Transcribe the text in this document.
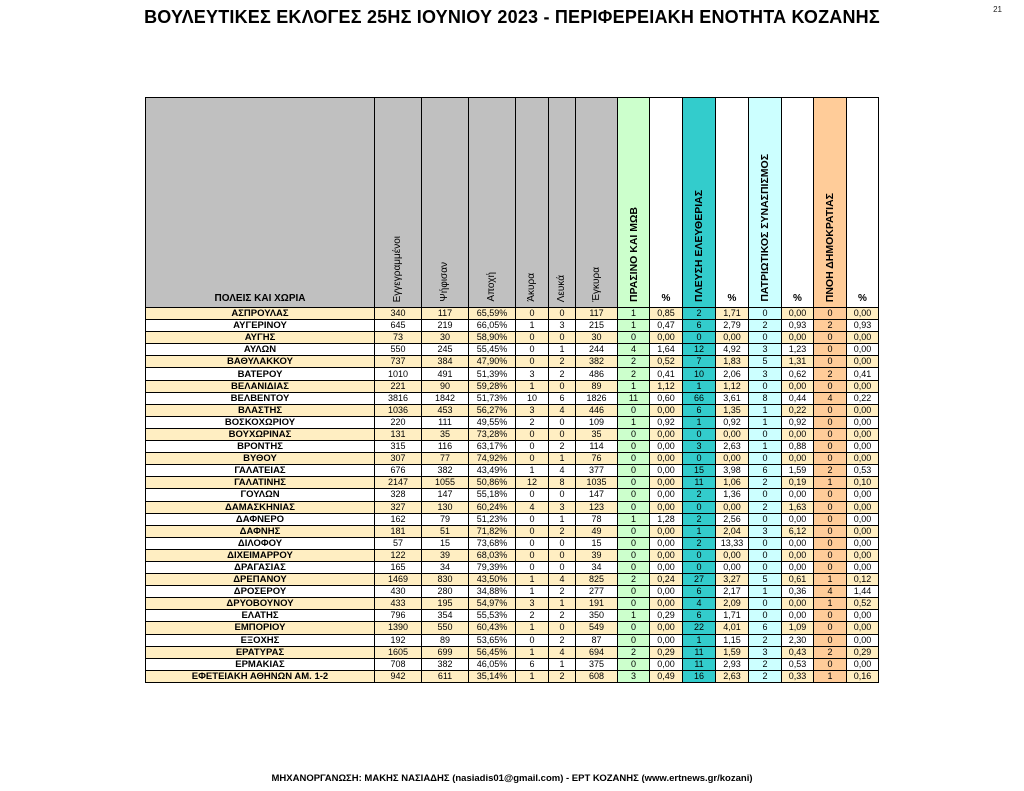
ΒΟΥΛΕΥΤΙΚΕΣ ΕΚΛΟΓΕΣ 25ΗΣ ΙΟΥΝΙΟΥ 2023 - ΠΕΡΙΦΕΡΕΙΑΚΗ ΕΝΟΤΗΤΑ ΚΟΖΑΝΗΣ	21
ΠΟΛΕΙΣ ΚΑΙ ΧΩΡΙΑ	Εγγεγραμμένοι	Ψήφισαν	Αποχή	Άκυρα	Λευκά	Έγκυρα	ΠΡΑΣΙΝΟ ΚΑΙ ΜΩΒ	%	ΠΛΕΥΣΗ ΕΛΕΥΘΕΡΙΑΣ	%	ΠΑΤΡΙΩΤΙΚΟΣ ΣΥΝΑΣΠΙΣΜΟΣ	%	ΠΝΟΗ ΔΗΜΟΚΡΑΤΙΑΣ	%
ΑΣΠΡΟΥΛΑΣ	340	117	65,59%	0	0	117	1	0,85	2	1,71	0	0,00	0	0,00
ΑΥΓΕΡΙΝΟΥ	645	219	66,05%	1	3	215	1	0,47	6	2,79	2	0,93	2	0,93
ΑΥΓΗΣ	73	30	58,90%	0	0	30	0	0,00	0	0,00	0	0,00	0	0,00
ΑΥΛΩΝ	550	245	55,45%	0	1	244	4	1,64	12	4,92	3	1,23	0	0,00
ΒΑΘΥΛΑΚΚΟΥ	737	384	47,90%	0	2	382	2	0,52	7	1,83	5	1,31	0	0,00
ΒΑΤΕΡΟΥ	1010	491	51,39%	3	2	486	2	0,41	10	2,06	3	0,62	2	0,41
ΒΕΛΑΝΙΔΙΑΣ	221	90	59,28%	1	0	89	1	1,12	1	1,12	0	0,00	0	0,00
ΒΕΛΒΕΝΤΟΥ	3816	1842	51,73%	10	6	1826	11	0,60	66	3,61	8	0,44	4	0,22
ΒΛΑΣΤΗΣ	1036	453	56,27%	3	4	446	0	0,00	6	1,35	1	0,22	0	0,00
ΒΟΣΚΟΧΩΡΙΟΥ	220	111	49,55%	2	0	109	1	0,92	1	0,92	1	0,92	0	0,00
ΒΟΥΧΩΡΙΝΑΣ	131	35	73,28%	0	0	35	0	0,00	0	0,00	0	0,00	0	0,00
ΒΡΟΝΤΗΣ	315	116	63,17%	0	2	114	0	0,00	3	2,63	1	0,88	0	0,00
ΒΥΘΟΥ	307	77	74,92%	0	1	76	0	0,00	0	0,00	0	0,00	0	0,00
ΓΑΛΑΤΕΙΑΣ	676	382	43,49%	1	4	377	0	0,00	15	3,98	6	1,59	2	0,53
ΓΑΛΑΤΙΝΗΣ	2147	1055	50,86%	12	8	1035	0	0,00	11	1,06	2	0,19	1	0,10
ΓΟΥΛΩΝ	328	147	55,18%	0	0	147	0	0,00	2	1,36	0	0,00	0	0,00
ΔΑΜΑΣΚΗΝΙΑΣ	327	130	60,24%	4	3	123	0	0,00	0	0,00	2	1,63	0	0,00
ΔΑΦΝΕΡΟ	162	79	51,23%	0	1	78	1	1,28	2	2,56	0	0,00	0	0,00
ΔΑΦΝΗΣ	181	51	71,82%	0	2	49	0	0,00	1	2,04	3	6,12	0	0,00
ΔΙΛΟΦΟΥ	57	15	73,68%	0	0	15	0	0,00	2	13,33	0	0,00	0	0,00
ΔΙΧΕΙΜΑΡΡΟΥ	122	39	68,03%	0	0	39	0	0,00	0	0,00	0	0,00	0	0,00
ΔΡΑΓΑΣΙΑΣ	165	34	79,39%	0	0	34	0	0,00	0	0,00	0	0,00	0	0,00
ΔΡΕΠΑΝΟΥ	1469	830	43,50%	1	4	825	2	0,24	27	3,27	5	0,61	1	0,12
ΔΡΟΣΕΡΟΥ	430	280	34,88%	1	2	277	0	0,00	6	2,17	1	0,36	4	1,44
ΔΡΥΟΒΟΥΝΟΥ	433	195	54,97%	3	1	191	0	0,00	4	2,09	0	0,00	1	0,52
ΕΛΑΤΗΣ	796	354	55,53%	2	2	350	1	0,29	6	1,71	0	0,00	0	0,00
ΕΜΠΟΡΙΟΥ	1390	550	60,43%	1	0	549	0	0,00	22	4,01	6	1,09	0	0,00
ΕΞΟΧΗΣ	192	89	53,65%	0	2	87	0	0,00	1	1,15	2	2,30	0	0,00
ΕΡΑΤΥΡΑΣ	1605	699	56,45%	1	4	694	2	0,29	11	1,59	3	0,43	2	0,29
ΕΡΜΑΚΙΑΣ	708	382	46,05%	6	1	375	0	0,00	11	2,93	2	0,53	0	0,00
ΕΦΕΤΕΙΑΚΗ ΑΘΗΝΩΝ ΑΜ. 1-2	942	611	35,14%	1	2	608	3	0,49	16	2,63	2	0,33	1	0,16
ΜΗΧΑΝΟΡΓΑΝΩΣΗ: ΜΑΚΗΣ ΝΑΣΙΑΔΗΣ (nasiadis01@gmail.com) - ΕΡΤ ΚΟΖΑΝΗΣ (www.ertnews.gr/kozani)
